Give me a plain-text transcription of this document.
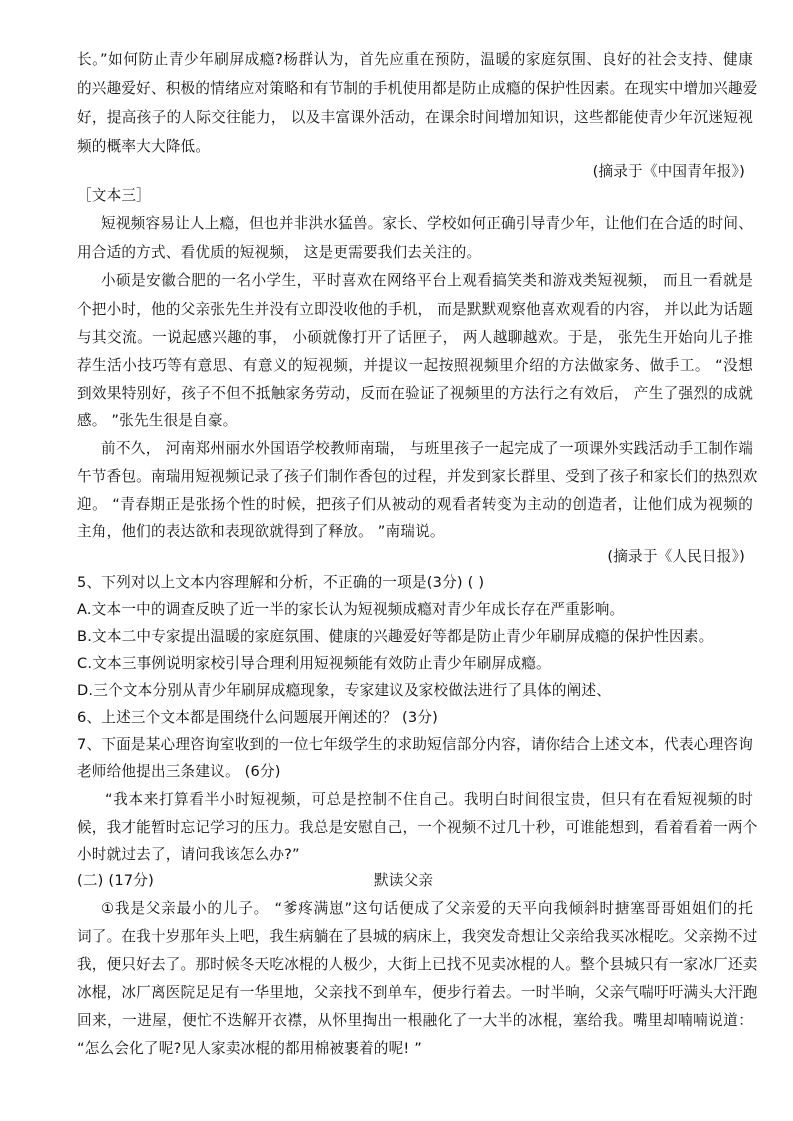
长。”如何防止青少年刷屏成瘾?杨群认为，首先应重在预防，温暖的家庭氛围、良好的社会支持、健康
的兴趣爱好、积极的情绪应对策略和有节制的手机使用都是防止成瘾的保护性因素。在现实中增加兴趣爱
好，提高孩子的人际交往能力， 以及丰富课外活动，在课余时间增加知识，这些都能使青少年沉迷短视
频的概率大大降低。
(摘录于《中国青年报》)
［文本三］
短视频容易让人上瘾，但也并非洪水猛兽。家长、学校如何正确引导青少年，让他们在合适的时间、
用合适的方式、看优质的短视频， 这是更需要我们去关注的。
小硕是安徽合肥的一名小学生，平时喜欢在网络平台上观看搞笑类和游戏类短视频， 而且一看就是
个把小时，他的父亲张先生并没有立即没收他的手机， 而是默默观察他喜欢观看的内容， 并以此为话题
与其交流。一说起感兴趣的事， 小硕就像打开了话匣子， 两人越聊越欢。于是， 张先生开始向儿子推
荐生活小技巧等有意思、有意义的短视频，并提议一起按照视频里介绍的方法做家务、做手工。 “没想
到效果特别好，孩子不但不抵触家务劳动，反而在验证了视频里的方法行之有效后， 产生了强烈的成就
感。 ”张先生很是自豪。
前不久， 河南郑州丽水外国语学校教师南瑞， 与班里孩子一起完成了一项课外实践活动手工制作端
午节香包。南瑞用短视频记录了孩子们制作香包的过程，并发到家长群里、受到了孩子和家长们的热烈欢
迎。 “青春期正是张扬个性的时候，把孩子们从被动的观看者转变为主动的创造者，让他们成为视频的
主角，他们的表达欲和表现欲就得到了释放。 ”南瑞说。
(摘录于《人民日报》)
5、下列对以上文本内容理解和分析，不正确的一项是(3分) ( )
A.文本一中的调查反映了近一半的家长认为短视频成瘾对青少年成长存在严重影响。
B.文本二中专家提出温暖的家庭氛围、健康的兴趣爱好等都是防止青少年刷屏成瘾的保护性因素。
C.文本三事例说明家校引导合理利用短视频能有效防止青少年刷屏成瘾。
D.三个文本分别从青少年刷屏成瘾现象，专家建议及家校做法进行了具体的阐述、
6、上述三个文本都是围绕什么问题展开阐述的？ (3分)
7、下面是某心理咨询室收到的一位七年级学生的求助短信部分内容，请你结合上述文本，代表心理咨询
老师给他提出三条建议。 (6分)
“我本来打算看半小时短视频，可总是控制不住自己。我明白时间很宝贵，但只有在看短视频的时
候，我才能暂时忘记学习的压力。我总是安慰自己，一个视频不过几十秒，可谁能想到，看着看着一两个
小时就过去了，请问我该怎么办?”
(二) (17分)	默读父亲
①我是父亲最小的儿子。 “爹疼满崽”这句话便成了父亲爱的天平向我倾斜时搪塞哥哥姐姐们的托
词了。在我十岁那年头上吧，我生病躺在了县城的病床上，我突发奇想让父亲给我买冰棍吃。父亲拗不过
我，便只好去了。那时候冬天吃冰棍的人极少，大街上已找不见卖冰棍的人。整个县城只有一家冰厂还卖
冰棍，冰厂离医院足足有一华里地，父亲找不到单车，便步行着去。一时半晌，父亲气喘吁吁满头大汗跑
回来，一进屋，便忙不迭解开衣襟，从怀里掏出一根融化了一大半的冰棍，塞给我。嘴里却喃喃说道：
“怎么会化了呢?见人家卖冰棍的都用棉被裹着的呢! ”
